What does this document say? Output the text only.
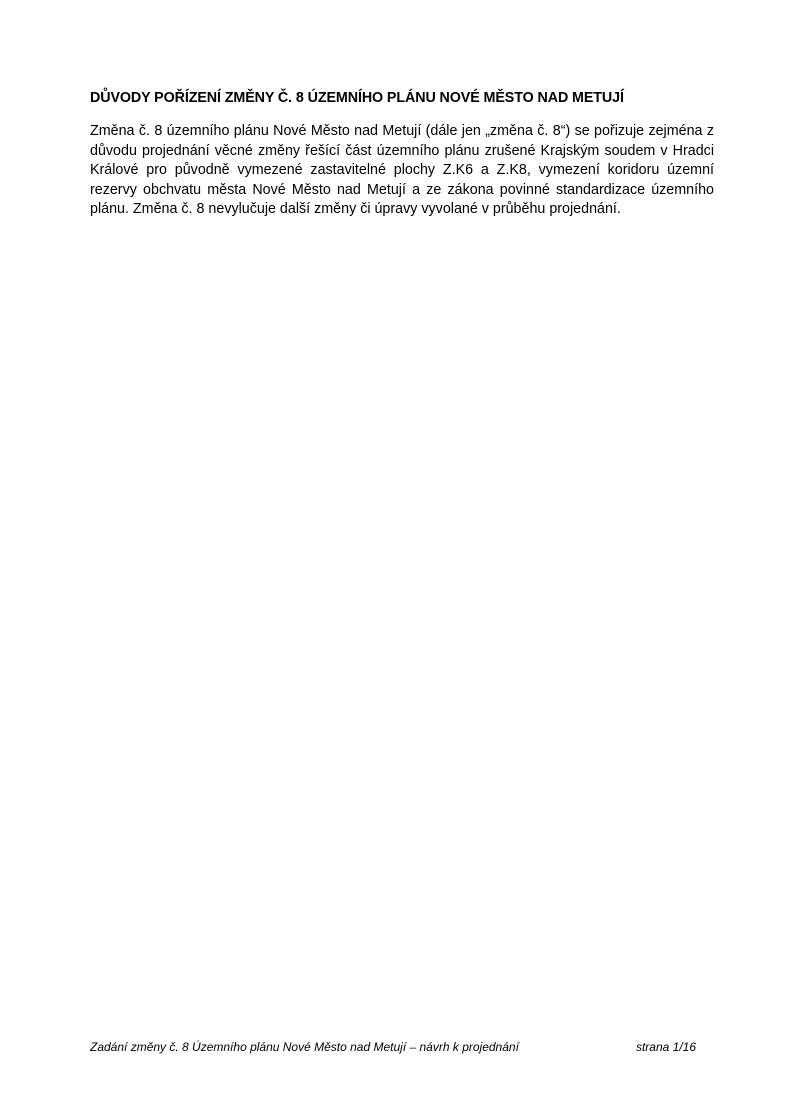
DŮVODY POŘÍZENÍ ZMĚNY Č. 8 ÚZEMNÍHO PLÁNU NOVÉ MĚSTO NAD METUJÍ

Změna č. 8 územního plánu Nové Město nad Metují (dále jen „změna č. 8“) se pořizuje zejména z důvodu projednání věcné změny řešící část územního plánu zrušené Krajským soudem v Hradci Králové pro původně vymezené zastavitelné plochy Z.K6 a Z.K8, vymezení koridoru územní rezervy obchvatu města Nové Město nad Metují a ze zákona povinné standardizace územního plánu. Změna č. 8 nevylučuje další změny či úpravy vyvolané v průběhu projednání.

Zadání změny č. 8 Územního plánu Nové Město nad Metují – návrh k projednání	strana 1/16
